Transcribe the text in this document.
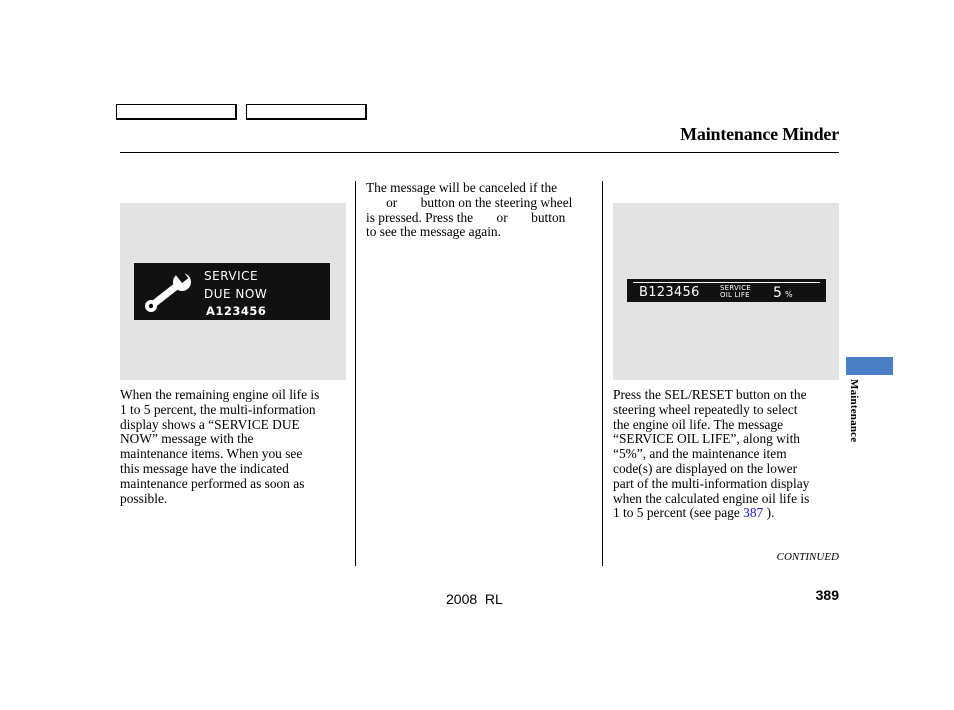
Maintenance Minder
SERVICE
DUE NOW
A123456
When the remaining engine oil life is
1 to 5 percent, the multi-information
display shows a “SERVICE DUE
NOW” message with the
maintenance items. When you see
this message have the indicated
maintenance performed as soon as
possible.
The message will be canceled if the
or       button on the steering wheel
is pressed. Press the       or       button
to see the message again.
B123456	SERVICE
OIL LIFE 5 %
Press the SEL/RESET button on the
steering wheel repeatedly to select
the engine oil life. The message
“SERVICE OIL LIFE”, along with
“5%”, and the maintenance item
code(s) are displayed on the lower
part of the multi-information display
when the calculated engine oil life is
1 to 5 percent (see page 387 ).
CONTINUED
2008  RL	389
Maintenance
